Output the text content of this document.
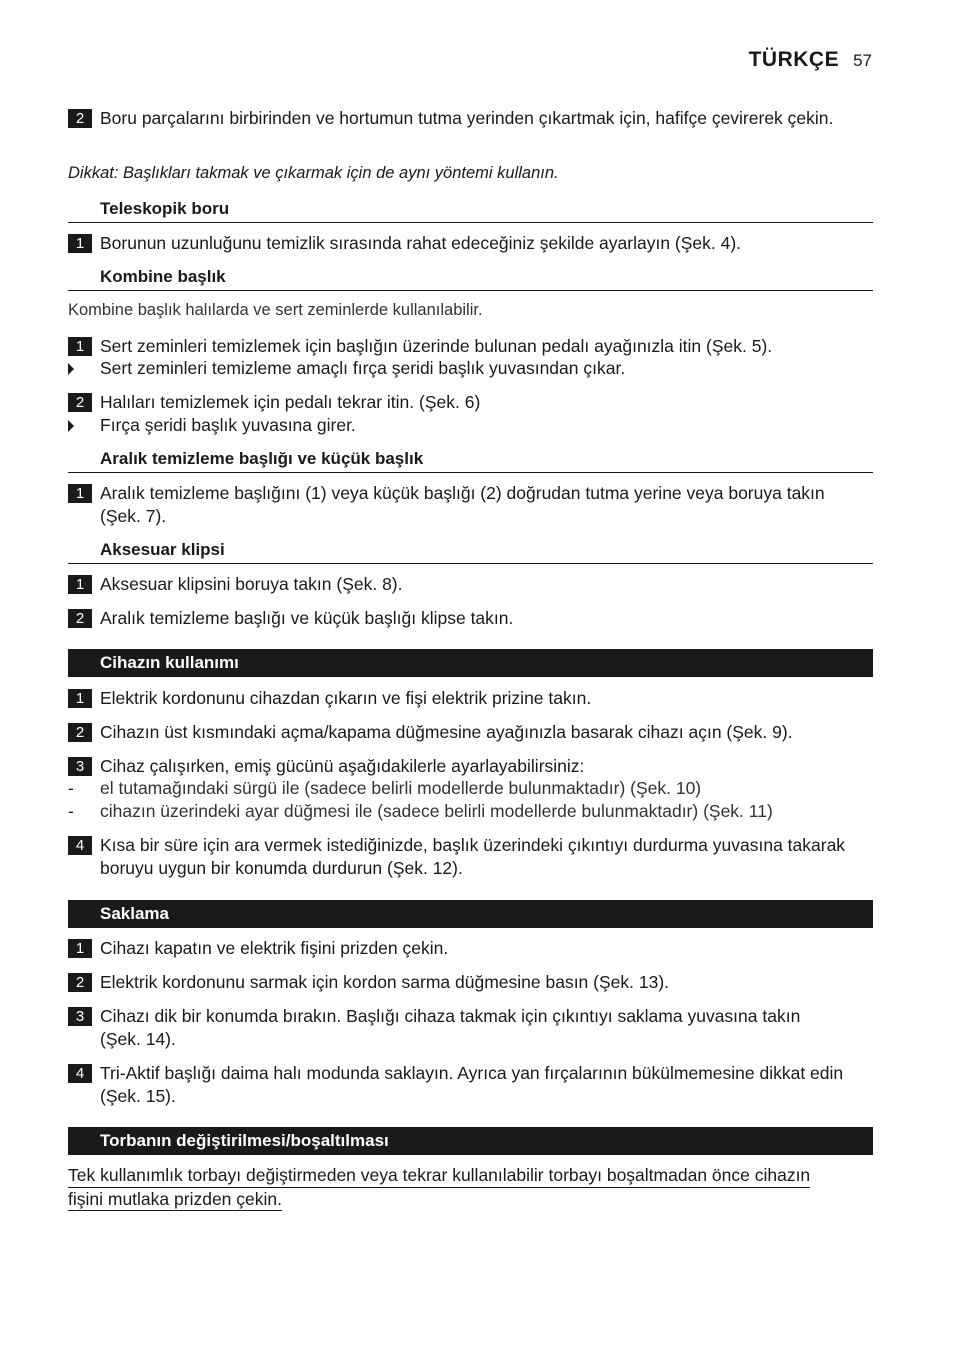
TÜRKÇE 57
2 Boru parçalarını birbirinden ve hortumun tutma yerinden çıkartmak için, hafifçe çevirerek çekin.
Dikkat: Başlıkları takmak ve çıkarmak için de aynı yöntemi kullanın.
Teleskopik boru
1 Borunun uzunluğunu temizlik sırasında rahat edeceğiniz şekilde ayarlayın (Şek. 4).
Kombine başlık
Kombine başlık halılarda ve sert zeminlerde kullanılabilir.
1 Sert zeminleri temizlemek için başlığın üzerinde bulunan pedalı ayağınızla itin (Şek. 5).
Sert zeminleri temizleme amaçlı fırça şeridi başlık yuvasından çıkar.
2 Halıları temizlemek için pedalı tekrar itin. (Şek. 6)
Fırça şeridi başlık yuvasına girer.
Aralık temizleme başlığı ve küçük başlık
1 Aralık temizleme başlığını (1) veya küçük başlığı (2) doğrudan tutma yerine veya boruya takın (Şek. 7).
Aksesuar klipsi
1 Aksesuar klipsini boruya takın (Şek. 8).
2 Aralık temizleme başlığı ve küçük başlığı klipse takın.
Cihazın kullanımı
1 Elektrik kordonunu cihazdan çıkarın ve fişi elektrik prizine takın.
2 Cihazın üst kısmındaki açma/kapama düğmesine ayağınızla basarak cihazı açın (Şek. 9).
3 Cihaz çalışırken, emiş gücünü aşağıdakilerle ayarlayabilirsiniz:
- el tutamağındaki sürgü ile (sadece belirli modellerde bulunmaktadır) (Şek. 10)
- cihazın üzerindeki ayar düğmesi ile (sadece belirli modellerde bulunmaktadır) (Şek. 11)
4 Kısa bir süre için ara vermek istediğinizde, başlık üzerindeki çıkıntıyı durdurma yuvasına takarak boruyu uygun bir konumda durdurun (Şek. 12).
Saklama
1 Cihazı kapatın ve elektrik fişini prizden çekin.
2 Elektrik kordonunu sarmak için kordon sarma düğmesine basın (Şek. 13).
3 Cihazı dik bir konumda bırakın. Başlığı cihaza takmak için çıkıntıyı saklama yuvasına takın (Şek. 14).
4 Tri-Aktif başlığı daima halı modunda saklayın. Ayrıca yan fırçalarının bükülmemesine dikkat edin (Şek. 15).
Torbanın değiştirilmesi/boşaltılması
Tek kullanımlık torbayı değiştirmeden veya tekrar kullanılabilir torbayı boşaltmadan önce cihazın
fişini mutlaka prizden çekin.
